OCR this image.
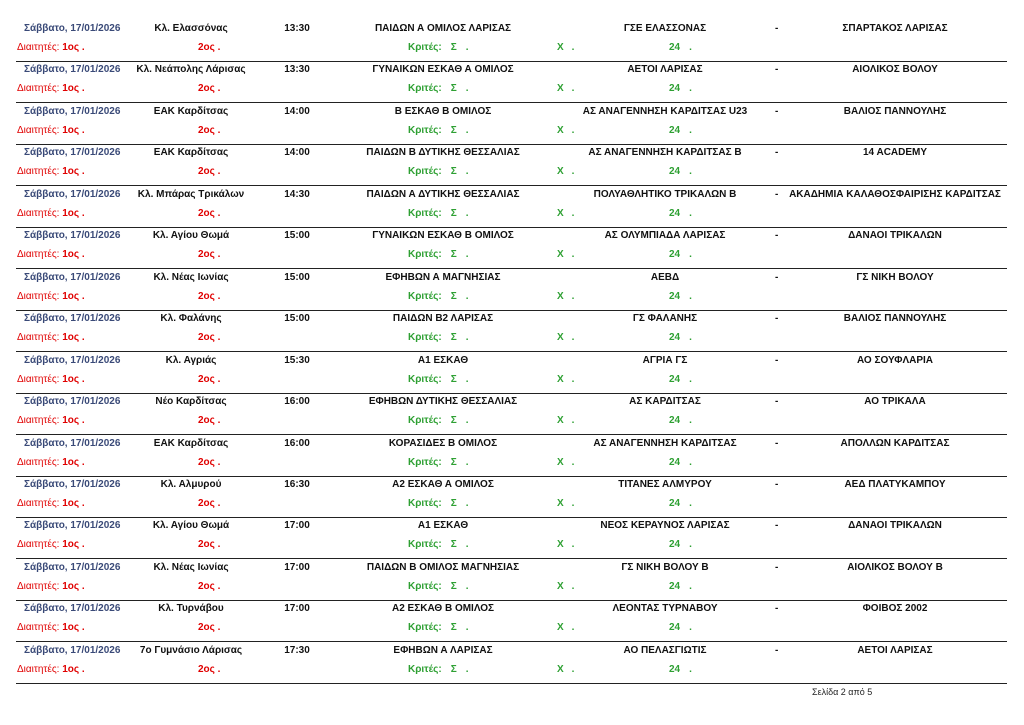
Σάββατο, 17/01/2026	Κλ. Ελασσόνας	13:30	ΠΑΙΔΩΝ Α ΟΜΙΛΟΣ ΛΑΡΙΣΑΣ	ΓΣΕ ΕΛΑΣΣΟΝΑΣ	-	ΣΠΑΡΤΑΚΟΣ ΛΑΡΙΣΑΣ
Διαιτητές: 1ος .	2ος .	Κριτές: Σ .	Χ .	24 .
Σάββατο, 17/01/2026	Κλ. Νεάπολης Λάρισας	13:30	ΓΥΝΑΙΚΩΝ ΕΣΚΑΘ Α ΟΜΙΛΟΣ	ΑΕΤΟΙ ΛΑΡΙΣΑΣ	-	ΑΙΟΛΙΚΟΣ ΒΟΛΟΥ
Διαιτητές: 1ος .	2ος .	Κριτές: Σ .	Χ .	24 .
Σάββατο, 17/01/2026	ΕΑΚ Καρδίτσας	14:00	Β ΕΣΚΑΘ Β ΟΜΙΛΟΣ	ΑΣ ΑΝΑΓΕΝΝΗΣΗ ΚΑΡΔΙΤΣΑΣ U23	-	ΒΑΛΙΟΣ ΠΑΝΝΟΥΛΗΣ
Διαιτητές: 1ος .	2ος .	Κριτές: Σ .	Χ .	24 .
Σάββατο, 17/01/2026	ΕΑΚ Καρδίτσας	14:00	ΠΑΙΔΩΝ Β ΔΥΤΙΚΗΣ ΘΕΣΣΑΛΙΑΣ	ΑΣ ΑΝΑΓΕΝΝΗΣΗ ΚΑΡΔΙΤΣΑΣ Β	-	14 ACADEMY
Διαιτητές: 1ος .	2ος .	Κριτές: Σ .	Χ .	24 .
Σάββατο, 17/01/2026	Κλ. Μπάρας Τρικάλων	14:30	ΠΑΙΔΩΝ Α ΔΥΤΙΚΗΣ ΘΕΣΣΑΛΙΑΣ	ΠΟΛΥΑΘΛΗΤΙΚΟ ΤΡΙΚΑΛΩΝ Β	-	ΑΚΑΔΗΜΙΑ ΚΑΛΑΘΟΣΦΑΙΡΙΣΗΣ ΚΑΡΔΙΤΣΑΣ
Διαιτητές: 1ος .	2ος .	Κριτές: Σ .	Χ .	24 .
Σάββατο, 17/01/2026	Κλ. Αγίου Θωμά	15:00	ΓΥΝΑΙΚΩΝ ΕΣΚΑΘ Β ΟΜΙΛΟΣ	ΑΣ ΟΛΥΜΠΙΑΔΑ ΛΑΡΙΣΑΣ	-	ΔΑΝΑΟΙ ΤΡΙΚΑΛΩΝ
Διαιτητές: 1ος .	2ος .	Κριτές: Σ .	Χ .	24 .
Σάββατο, 17/01/2026	Κλ. Νέας Ιωνίας	15:00	ΕΦΗΒΩΝ Α ΜΑΓΝΗΣΙΑΣ	ΑΕΒΔ	-	ΓΣ ΝΙΚΗ ΒΟΛΟΥ
Διαιτητές: 1ος .	2ος .	Κριτές: Σ .	Χ .	24 .
Σάββατο, 17/01/2026	Κλ. Φαλάνης	15:00	ΠΑΙΔΩΝ Β2 ΛΑΡΙΣΑΣ	ΓΣ ΦΑΛΑΝΗΣ	-	ΒΑΛΙΟΣ ΠΑΝΝΟΥΛΗΣ
Διαιτητές: 1ος .	2ος .	Κριτές: Σ .	Χ .	24 .
Σάββατο, 17/01/2026	Κλ. Αγριάς	15:30	Α1 ΕΣΚΑΘ	ΑΓΡΙΑ ΓΣ	-	ΑΟ ΣΟΥΦΛΑΡΙΑ
Διαιτητές: 1ος .	2ος .	Κριτές: Σ .	Χ .	24 .
Σάββατο, 17/01/2026	Νέο Καρδίτσας	16:00	ΕΦΗΒΩΝ ΔΥΤΙΚΗΣ ΘΕΣΣΑΛΙΑΣ	ΑΣ ΚΑΡΔΙΤΣΑΣ	-	ΑΟ ΤΡΙΚΑΛΑ
Διαιτητές: 1ος .	2ος .	Κριτές: Σ .	Χ .	24 .
Σάββατο, 17/01/2026	ΕΑΚ Καρδίτσας	16:00	ΚΟΡΑΣΙΔΕΣ Β ΟΜΙΛΟΣ	ΑΣ ΑΝΑΓΕΝΝΗΣΗ ΚΑΡΔΙΤΣΑΣ	-	ΑΠΟΛΛΩΝ ΚΑΡΔΙΤΣΑΣ
Διαιτητές: 1ος .	2ος .	Κριτές: Σ .	Χ .	24 .
Σάββατο, 17/01/2026	Κλ. Αλμυρού	16:30	Α2 ΕΣΚΑΘ Α ΟΜΙΛΟΣ	ΤΙΤΑΝΕΣ ΑΛΜΥΡΟΥ	-	ΑΕΔ ΠΛΑΤΥΚΑΜΠΟΥ
Διαιτητές: 1ος .	2ος .	Κριτές: Σ .	Χ .	24 .
Σάββατο, 17/01/2026	Κλ. Αγίου Θωμά	17:00	Α1 ΕΣΚΑΘ	ΝΕΟΣ ΚΕΡΑΥΝΟΣ ΛΑΡΙΣΑΣ	-	ΔΑΝΑΟΙ ΤΡΙΚΑΛΩΝ
Διαιτητές: 1ος .	2ος .	Κριτές: Σ .	Χ .	24 .
Σάββατο, 17/01/2026	Κλ. Νέας Ιωνίας	17:00	ΠΑΙΔΩΝ Β ΟΜΙΛΟΣ ΜΑΓΝΗΣΙΑΣ	ΓΣ ΝΙΚΗ ΒΟΛΟΥ Β	-	ΑΙΟΛΙΚΟΣ ΒΟΛΟΥ Β
Διαιτητές: 1ος .	2ος .	Κριτές: Σ .	Χ .	24 .
Σάββατο, 17/01/2026	Κλ. Τυρνάβου	17:00	Α2 ΕΣΚΑΘ Β ΟΜΙΛΟΣ	ΛΕΟΝΤΑΣ ΤΥΡΝΑΒΟΥ	-	ΦΟΙΒΟΣ 2002
Διαιτητές: 1ος .	2ος .	Κριτές: Σ .	Χ .	24 .
Σάββατο, 17/01/2026	7ο Γυμνάσιο Λάρισας	17:30	ΕΦΗΒΩΝ Α ΛΑΡΙΣΑΣ	ΑΟ ΠΕΛΑΣΓΙΩΤΙΣ	-	ΑΕΤΟΙ ΛΑΡΙΣΑΣ
Διαιτητές: 1ος .	2ος .	Κριτές: Σ .	Χ .	24 .
Σελίδα 2 από 5
